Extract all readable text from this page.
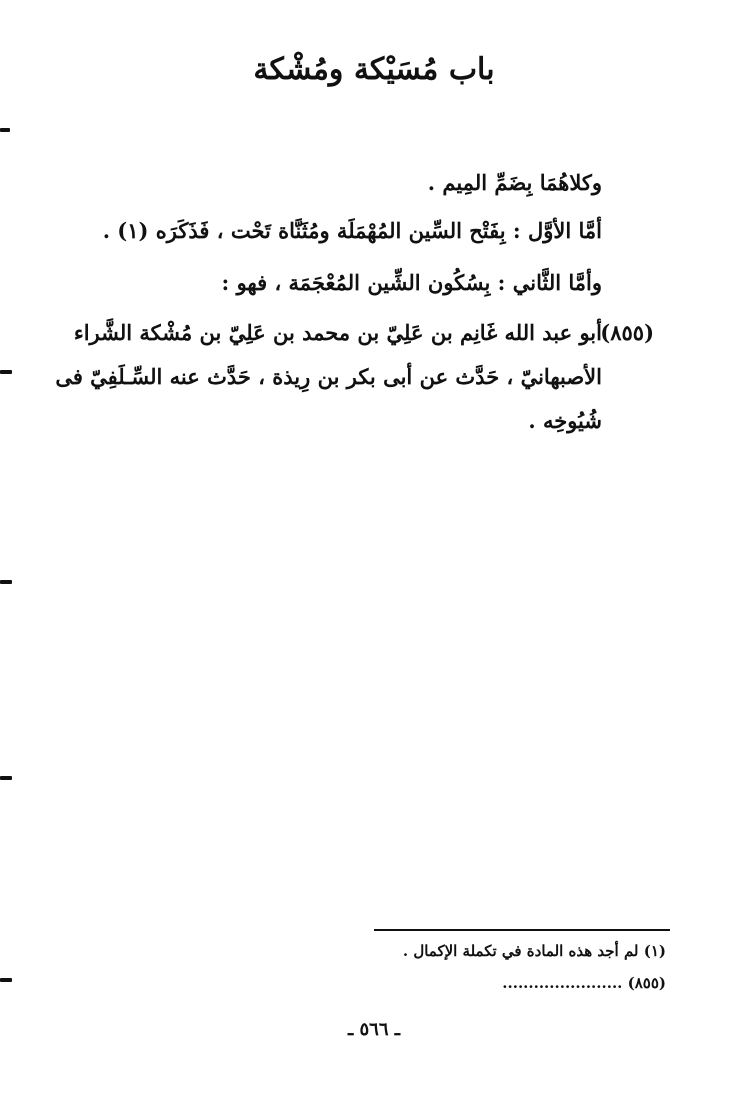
باب مُسَيْكة ومُشْكة
وكلاهُمَا بِضَمِّ المِيم .
أمَّا الأوَّل : بِفَتْح السِّين المُهْمَلَة ومُثَنَّاة تَحْت ، فَذَكَرَه (١) .
وأمَّا الثَّاني : بِسُكُون الشِّين المُعْجَمَة ، فهو :
(٨٥٥)
أبو عبد الله غَانِم بن عَلِيّ بن محمد بن عَلِيّ بن مُشْكة الشَّراء
الأصبهانيّ ، حَدَّث عن أبى بكر بن رِيذة ، حَدَّث عنه السِّـلَفِيّ فى
شُيُوخِه .
(١) لم أجد هذه المادة في تكملة الإكمال .
(٨٥٥) .......................
ـ ٥٦٦ ـ
